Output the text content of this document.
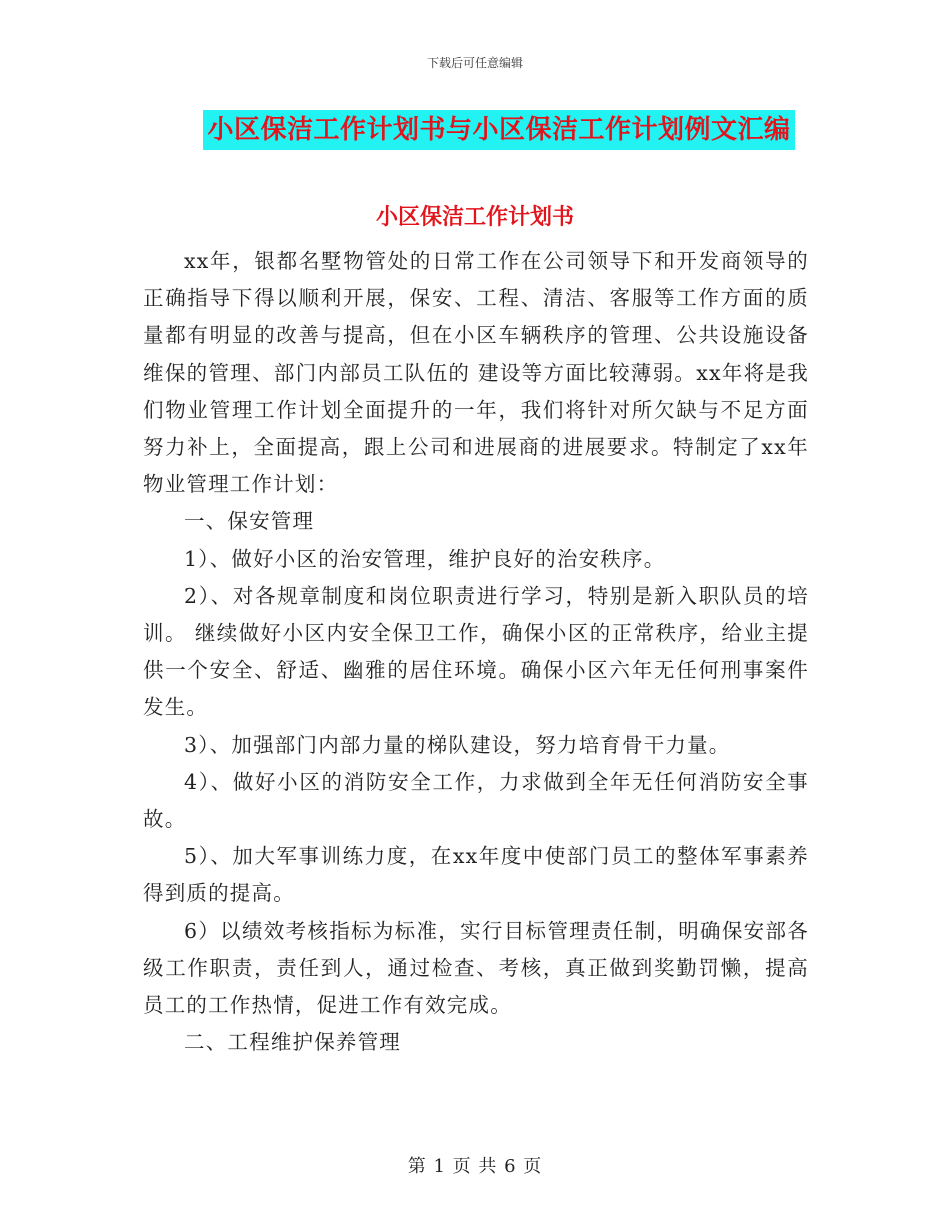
下载后可任意编辑
小区保洁工作计划书与小区保洁工作计划例文汇编
小区保洁工作计划书

xx年，银都名墅物管处的日常工作在公司领导下和开发商领导的正确指导下得以顺利开展，保安、工程、清洁、客服等工作方面的质量都有明显的改善与提高，但在小区车辆秩序的管理、公共设施设备维保的管理、部门内部员工队伍的 建设等方面比较薄弱。xx年将是我们物业管理工作计划全面提升的一年，我们将针对所欠缺与不足方面努力补上，全面提高，跟上公司和进展商的进展要求。特制定了xx年物业管理工作计划：

一、保安管理

1）、做好小区的治安管理，维护良好的治安秩序。

2）、对各规章制度和岗位职责进行学习，特别是新入职队员的培训。 继续做好小区内安全保卫工作，确保小区的正常秩序，给业主提供一个安全、舒适、幽雅的居住环境。确保小区六年无任何刑事案件发生。

3）、加强部门内部力量的梯队建设，努力培育骨干力量。

4）、做好小区的消防安全工作，力求做到全年无任何消防安全事故。

5）、加大军事训练力度，在xx年度中使部门员工的整体军事素养得到质的提高。

6）以绩效考核指标为标准，实行目标管理责任制，明确保安部各级工作职责，责任到人，通过检查、考核，真正做到奖勤罚懒，提高员工的工作热情，促进工作有效完成。

二、工程维护保养管理

第 1 页 共 6 页
